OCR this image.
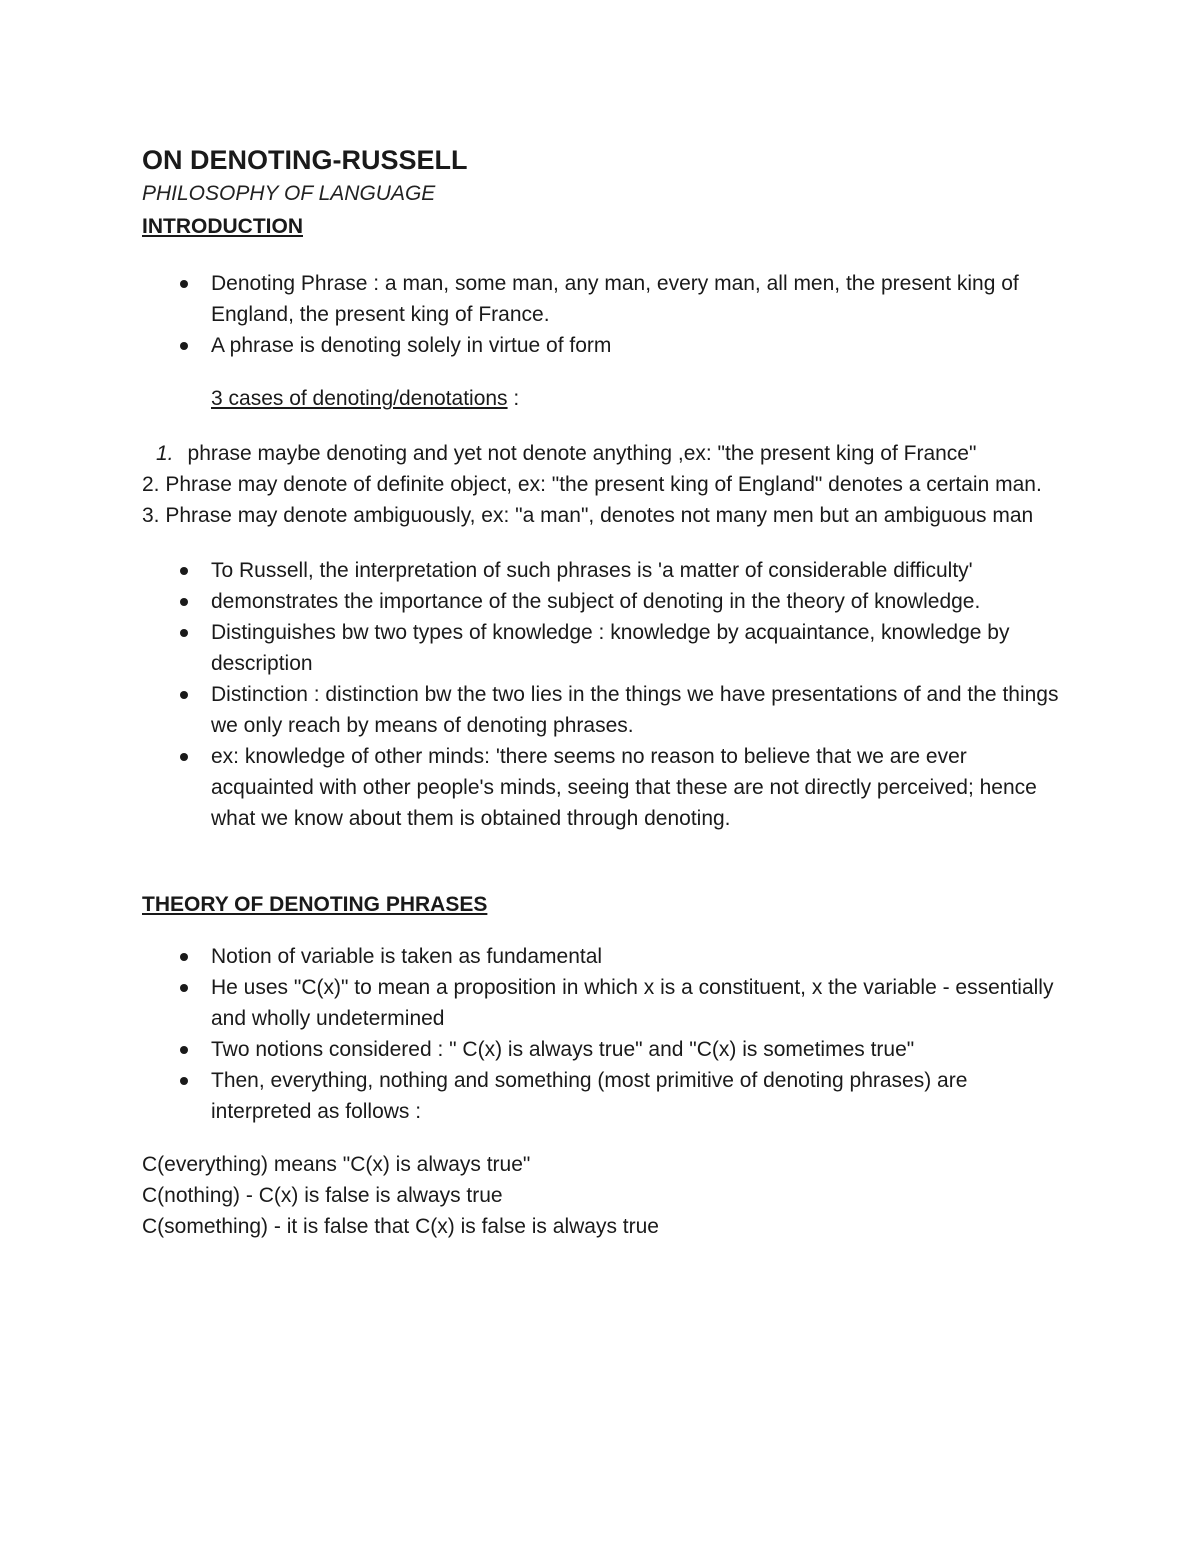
ON DENOTING-RUSSELL

PHILOSOPHY OF LANGUAGE

INTRODUCTION

Denoting Phrase : a man, some man, any man, every man, all men, the present king of England, the present king of France.
A phrase is denoting solely in virtue of form

3 cases of denoting/denotations :

1. phrase maybe denoting and yet not denote anything ,ex: "the present king of France"

2. Phrase may denote of definite object, ex: "the present king of England" denotes a certain man.

3. Phrase may denote ambiguously, ex: "a man", denotes not many men but an ambiguous man

To Russell, the interpretation of such phrases is 'a matter of considerable difficulty'
demonstrates the importance of the subject of denoting in the theory of knowledge.
Distinguishes bw two types of knowledge : knowledge by acquaintance, knowledge by description
Distinction : distinction bw the two lies in the things we have presentations of and the things we only reach by means of denoting phrases.
ex: knowledge of other minds: 'there seems no reason to believe that we are ever acquainted with other people's minds, seeing that these are not directly perceived; hence what we know about them is obtained through denoting.

THEORY OF DENOTING PHRASES

Notion of variable is taken as fundamental
He uses "C(x)" to mean a proposition in which x is a constituent, x the variable - essentially and wholly undetermined
Two notions considered : " C(x) is always true" and "C(x) is sometimes true"
Then, everything, nothing and something (most primitive of denoting phrases) are interpreted as follows :

C(everything) means "C(x) is always true"

C(nothing) - C(x) is false is always true

C(something) - it is false that C(x) is false is always true
